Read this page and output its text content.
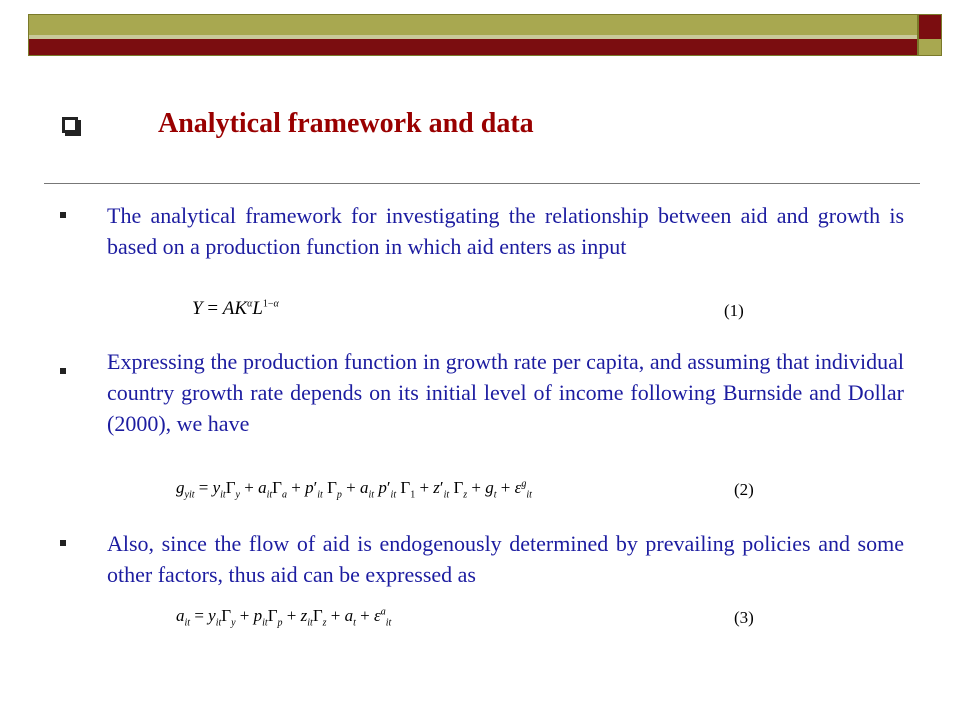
Analytical framework and data
The analytical framework for investigating the relationship between aid and growth is based on a production function in which aid enters as input
$Y = AK^\alpha L^{1-\alpha}$	(1)
Expressing the production function in growth rate per capita, and assuming that individual country growth rate depends on its initial level of income following Burnside and Dollar (2000), we have
$g_{yit} = y_{it}\Gamma_y + a_{it}\Gamma_a + p'_{it}$ $\Gamma_p + a_{it}$ $p'_{it}$ $\Gamma_1 + z'_{it}$ $\Gamma_z + g_t + \varepsilon^g_{it}$	(2)
Also, since the flow of aid is endogenously determined by prevailing policies and some other factors, thus aid can be expressed as
$a_{it} = y_{it}\Gamma_y + p_{it}\Gamma_p + z_{it}\Gamma_z + a_t + \varepsilon^a_{it}$	(3)
